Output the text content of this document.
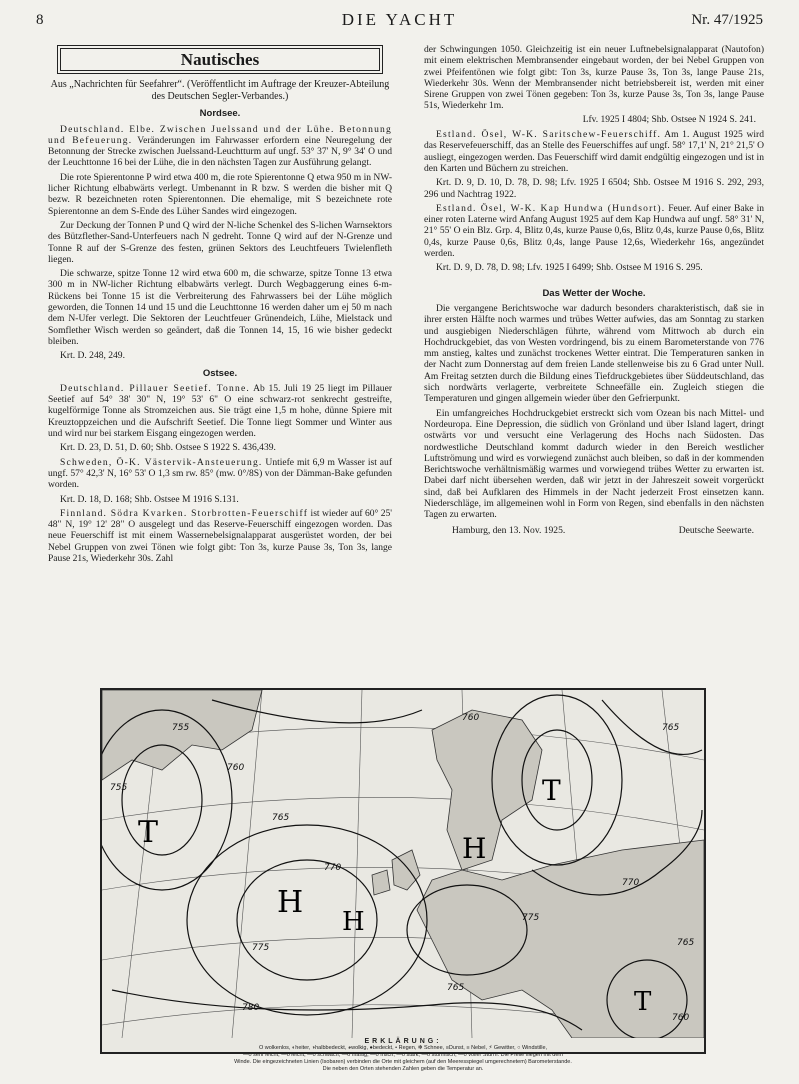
8	DIE YACHT	Nr. 47/1925
Nautisches

Aus „Nachrichten für Seefahrer“. (Veröffentlicht im Auftrage der Kreuzer-Abteilung des Deutschen Segler-Verbandes.)

Nordsee.

Deutschland. Elbe. Zwischen Juelssand und der Lühe. Betonnung und Befeuerung. Veränderungen im Fahrwasser erfordern eine Neuregelung der Betonnung der Strecke zwischen Juelssand-Leuchtturm auf ungf. 53° 37' N, 9° 34' O und der Leuchttonne 16 bei der Lühe, die in den nächsten Tagen zur Ausführung gelangt.

Die rote Spierentonne P wird etwa 400 m, die rote Spierentonne Q etwa 950 m in NW-licher Richtung elbabwärts verlegt. Umbenannt in R bzw. S werden die bisher mit Q bezw. R bezeichneten roten Spierentonnen. Die ehemalige, mit S bezeichnete rote Spierentonne an dem S-Ende des Lüher Sandes wird eingezogen.

Zur Deckung der Tonnen P und Q wird der N-liche Schenkel des S-lichen Warnsektors des Bützflether-Sand-Unterfeuers nach N gedreht. Tonne Q wird auf der N-Grenze und Tonne R auf der S-Grenze des festen, grünen Sektors des Leuchtfeuers Twielenfleth liegen.

Die schwarze, spitze Tonne 12 wird etwa 600 m, die schwarze, spitze Tonne 13 etwa 300 m in NW-licher Richtung elbabwärts verlegt. Durch Wegbaggerung eines 6-m-Rückens bei Tonne 15 ist die Verbreiterung des Fahrwassers bei der Lühe möglich geworden, die Tonnen 14 und 15 und die Leuchttonne 16 werden daher um ej 50 m nach dem N-Ufer verlegt. Die Sektoren der Leuchtfeuer Grünendeich, Lühe, Mielstack und Somflether Wisch werden so geändert, daß die Tonnen 14, 15, 16 wie bisher gedeckt bleiben.

Krt. D. 248, 249.

Ostsee.

Deutschland. Pillauer Seetief. Tonne. Ab 15. Juli 19 25 liegt im Pillauer Seetief auf 54° 38' 30" N, 19° 53' 6" O eine schwarz-rot senkrecht gestreifte, kugelförmige Tonne als Stromzeichen aus. Sie trägt eine 1,5 m hohe, dünne Spiere mit Kreuztoppzeichen und die Aufschrift Seetief. Die Tonne liegt Sommer und Winter aus und wird nur bei starkem Eisgang eingezogen werden.

Krt. D. 23, D. 51, D. 60; Shb. Ostsee S 1922 S. 436,439.

Schweden, Ö-K. Västervik-Ansteuerung. Untiefe mit 6,9 m Wasser ist auf ungf. 57° 42,3' N, 16° 53' O 1,3 sm rw. 85° (mw. 0°/8S) von der Dämman-Bake gefunden worden.

Krt. D. 18, D. 168; Shb. Ostsee M 1916 S.131.

Finnland. Södra Kvarken. Storbrotten-Feuerschiff ist wieder auf 60° 25' 48" N, 19° 12' 28" O ausgelegt und das Reserve-Feuerschiff eingezogen worden. Das neue Feuerschiff ist mit einem Wassernebelsignalapparat ausgerüstet worden, der bei Nebel Gruppen von zwei Tönen wie folgt gibt: Ton 3s, kurze Pause 3s, Ton 3s, lange Pause 21s, Wiederkehr 30s. Zahl

der Schwingungen 1050. Gleichzeitig ist ein neuer Luftnebelsignalapparat (Nautofon) mit einem elektrischen Membransender eingebaut worden, der bei Nebel Gruppen von zwei Pfeifentönen wie folgt gibt: Ton 3s, kurze Pause 3s, Ton 3s, lange Pause 21s, Wiederkehr 30s. Wenn der Membransender nicht betriebsbereit ist, werden mit einer Sirene Gruppen von zwei Tönen gegeben: Ton 3s, kurze Pause 3s, Ton 3s, lange Pause 51s, Wiederkehr 1m.

Lfv. 1925 I 4804; Shb. Ostsee N 1924 S. 241.

Estland. Ösel, W-K. Saritschew-Feuerschiff. Am 1. August 1925 wird das Reservefeuerschiff, das an Stelle des Feuerschiffes auf ungf. 58° 17,1' N, 21° 21,5' O ausliegt, eingezogen werden. Das Feuerschiff wird damit endgültig eingezogen und ist in den Karten und Büchern zu streichen.

Krt. D. 9, D. 10, D. 78, D. 98; Lfv. 1925 I 6504; Shb. Ostsee M 1916 S. 292, 293, 296 und Nachtrag 1922.

Estland. Ösel, W-K. Kap Hundwa (Hundsort). Feuer. Auf einer Bake in einer roten Laterne wird Anfang August 1925 auf dem Kap Hundwa auf ungf. 58° 31' N, 21° 55' O ein Blz. Grp. 4, Blitz 0,4s, kurze Pause 0,6s, Blitz 0,4s, kurze Pause 0,6s, Blitz 0,4s, kurze Pause 0,6s, Blitz 0,4s, lange Pause 12,6s, Wiederkehr 16s, angezündet werden.

Krt. D. 9, D. 78, D. 98; Lfv. 1925 I 6499; Shb. Ostsee M 1916 S. 295.

Das Wetter der Woche.

Die vergangene Berichtswoche war dadurch besonders charakteristisch, daß sie in ihrer ersten Hälfte noch warmes und trübes Wetter aufwies, das am Sonntag zu starken und ausgiebigen Niederschlägen führte, während vom Mittwoch ab durch ein Hochdruckgebiet, das von Westen vordringend, bis zu einem Barometerstande von 776 mm anstieg, kaltes und zunächst trockenes Wetter eintrat. Die Temperaturen sanken in der Nacht zum Donnerstag auf dem freien Lande stellenweise bis zu 6 Grad unter Null. Am Freitag setzten durch die Bildung eines Tiefdruckgebietes über Süddeutschland, das sich nordwärts verlagerte, verbreitete Schneefälle ein. Zugleich stiegen die Temperaturen und gingen allgemein wieder über den Gefrierpunkt.

Ein umfangreiches Hochdruckgebiet erstreckt sich vom Ozean bis nach Mittel- und Nordeuropa. Eine Depression, die südlich von Grönland und über Island lagert, dringt ostwärts vor und versucht eine Verlagerung des Hochs nach Südosten. Das nordwestliche Deutschland kommt dadurch wieder in den Bereich westlicher Luftströmung und wird es vorwiegend zunächst auch bleiben, so daß in der kommenden Berichtswoche verhältnismäßig warmes und vorwiegend trübes Wetter zu erwarten ist. Dabei darf nicht übersehen werden, daß wir jetzt in der Jahreszeit soweit vorgerückt sind, daß bei Aufklaren des Himmels in der Nacht jederzeit Frost einsetzen kann. Niederschläge, im allgemeinen wohl in Form von Regen, sind ebenfalls in den nächsten Tagen zu erwarten.

Hamburg, den 13. Nov. 1925.	Deutsche Seewarte.
T
T
T
H
H
H
755
760
765
770
775
780
760
755
765
770
775
765
760
765
ERKLÄRUNG:
O wolkenlos, ◐heiter, ◑halbbedeckt, ◕wolkig, ●bedeckt, • Regen, ✻ Schnee, ≡Dunst, ≡ Nebel, ⚡ Gewitter, ○ Windstille,
—o sehr leicht, —o leicht, —o schwach, —o mäßig, —o frisch, —o stark, —o stürmisch, —o voller Sturm. Die Pfeile fliegen mit dem
Winde. Die eingezeichneten Linien (Isobaren) verbinden die Orte mit gleichem (auf den Meeresspiegel umgerechnetem) Barometerstande.
Die neben den Orten stehenden Zahlen geben die Temperatur an.
